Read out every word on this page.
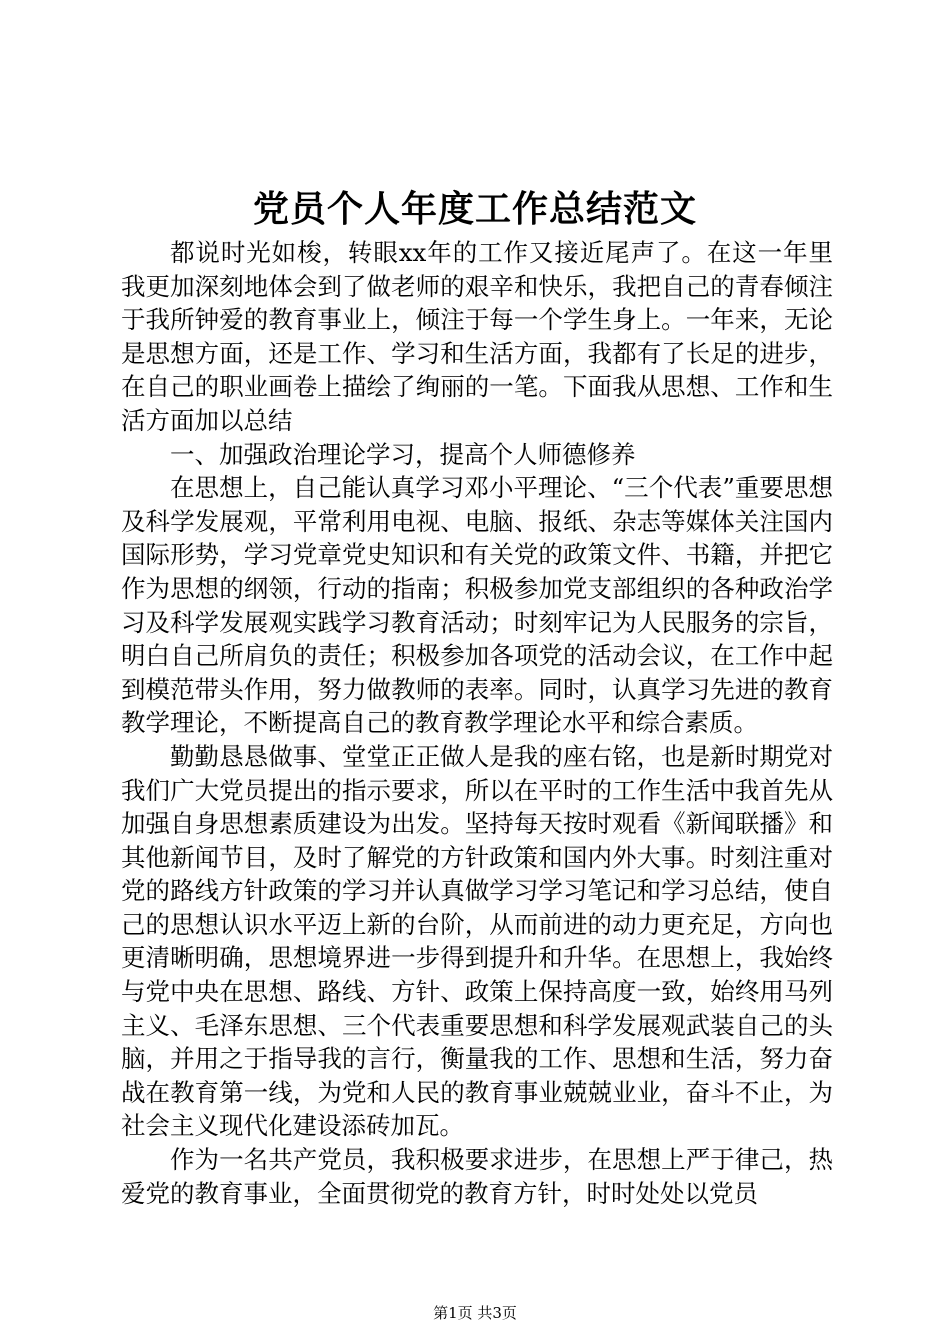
党员个人年度工作总结范文

都说时光如梭，转眼xx年的工作又接近尾声了。在这一年里我更加深刻地体会到了做老师的艰辛和快乐，我把自己的青春倾注于我所钟爱的教育事业上，倾注于每一个学生身上。一年来，无论是思想方面，还是工作、学习和生活方面，我都有了长足的进步，在自己的职业画卷上描绘了绚丽的一笔。下面我从思想、工作和生活方面加以总结

一、加强政治理论学习，提高个人师德修养

在思想上，自己能认真学习邓小平理论、“三个代表”重要思想及科学发展观，平常利用电视、电脑、报纸、杂志等媒体关注国内国际形势，学习党章党史知识和有关党的政策文件、书籍，并把它作为思想的纲领，行动的指南；积极参加党支部组织的各种政治学习及科学发展观实践学习教育活动；时刻牢记为人民服务的宗旨，明白自己所肩负的责任；积极参加各项党的活动会议，在工作中起到模范带头作用，努力做教师的表率。同时，认真学习先进的教育教学理论，不断提高自己的教育教学理论水平和综合素质。

勤勤恳恳做事、堂堂正正做人是我的座右铭，也是新时期党对我们广大党员提出的指示要求，所以在平时的工作生活中我首先从加强自身思想素质建设为出发。坚持每天按时观看《新闻联播》和其他新闻节目，及时了解党的方针政策和国内外大事。时刻注重对党的路线方针政策的学习并认真做学习学习笔记和学习总结，使自己的思想认识水平迈上新的台阶，从而前进的动力更充足，方向也更清晰明确，思想境界进一步得到提升和升华。在思想上，我始终与党中央在思想、路线、方针、政策上保持高度一致，始终用马列主义、毛泽东思想、三个代表重要思想和科学发展观武装自己的头脑，并用之于指导我的言行，衡量我的工作、思想和生活，努力奋战在教育第一线，为党和人民的教育事业兢兢业业，奋斗不止，为社会主义现代化建设添砖加瓦。

作为一名共产党员，我积极要求进步，在思想上严于律己，热爱党的教育事业，全面贯彻党的教育方针，时时处处以党员

第1页 共3页
